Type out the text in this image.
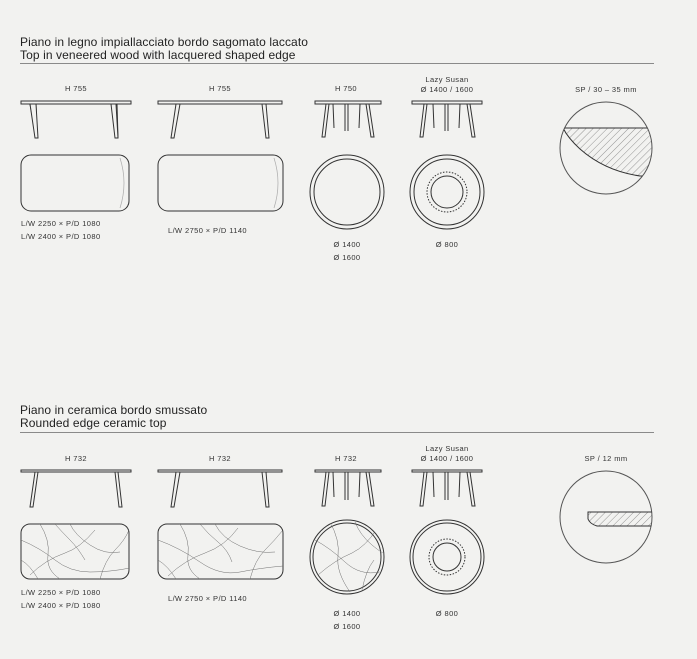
Piano in legno impiallacciato bordo sagomato laccato
Top in veneered wood with lacquered shaped edge
H 755	H 755	H 750
Lazy Susan
Ø 1400 / 1600	SP / 30 – 35 mm
L/W 2250 × P/D 1080
L/W 2400 × P/D 1080
L/W 2750 × P/D 1140
Ø 1400
Ø 1600
Ø 800
Piano in ceramica bordo smussato
Rounded edge ceramic top
H 732	H 732	H 732
Lazy Susan
Ø 1400 / 1600	SP / 12 mm
L/W 2250 × P/D 1080
L/W 2400 × P/D 1080
L/W 2750 × P/D 1140
Ø 1400
Ø 1600
Ø 800
